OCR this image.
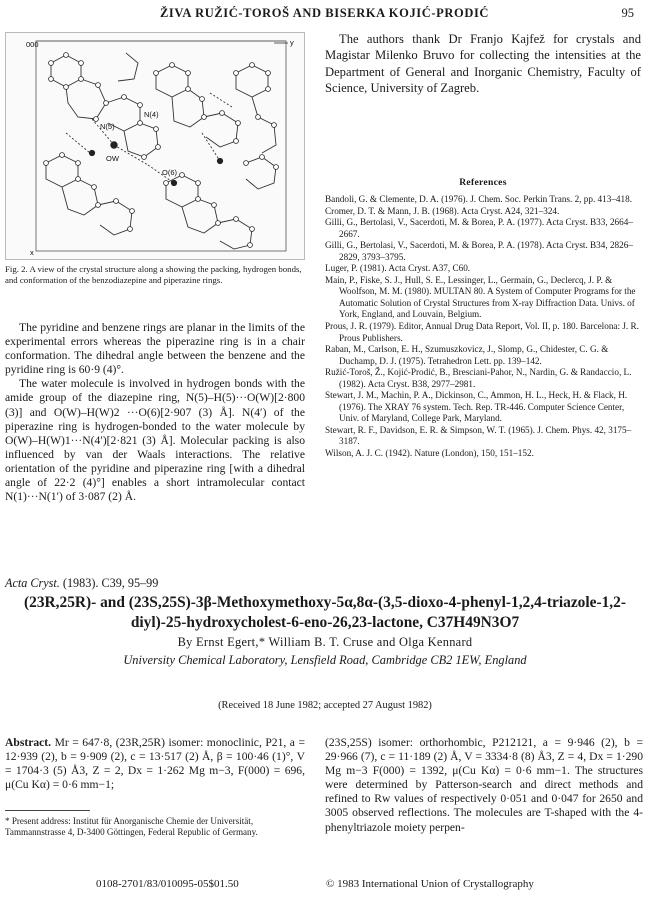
ŽIVA RUŽIĆ-TOROŠ AND BISERKA KOJIĆ-PRODIĆ	95
000
N(5)
N(4)
OW
O(6)
x
y
Fig. 2. A view of the crystal structure along a showing the packing, hydrogen bonds, and conformation of the benzodiazepine and piperazine rings.

The pyridine and benzene rings are planar in the limits of the experimental errors whereas the piperazine ring is in a chair conformation. The dihedral angle between the benzene and the pyridine ring is 60·9 (4)°.

The water molecule is involved in hydrogen bonds with the amide group of the diazepine ring, N(5)–H(5)···O(W)[2·800 (3)] and O(W)–H(W)2 ···O(6)[2·907 (3) Å]. N(4′) of the piperazine ring is hydrogen-bonded to the water molecule by O(W)–H(W)1···N(4′)[2·821 (3) Å]. Molecular packing is also influenced by van der Waals interactions. The relative orientation of the pyridine and piperazine ring [with a dihedral angle of 22·2 (4)°] enables a short intramolecular contact N(1)···N(1′) of 3·087 (2) Å.

The authors thank Dr Franjo Kajfež for crystals and Magistar Milenko Bruvo for collecting the intensities at the Department of General and Inorganic Chemistry, Faculty of Science, University of Zagreb.
References

Bandoli, G. & Clemente, D. A. (1976). J. Chem. Soc. Perkin Trans. 2, pp. 413–418.

Cromer, D. T. & Mann, J. B. (1968). Acta Cryst. A24, 321–324.

Gilli, G., Bertolasi, V., Sacerdoti, M. & Borea, P. A. (1977). Acta Cryst. B33, 2664–2667.

Gilli, G., Bertolasi, V., Sacerdoti, M. & Borea, P. A. (1978). Acta Cryst. B34, 2826–2829, 3793–3795.

Luger, P. (1981). Acta Cryst. A37, C60.

Main, P., Fiske, S. J., Hull, S. E., Lessinger, L., Germain, G., Declercq, J. P. & Woolfson, M. M. (1980). MULTAN 80. A System of Computer Programs for the Automatic Solution of Crystal Structures from X-ray Diffraction Data. Univs. of York, England, and Louvain, Belgium.

Prous, J. R. (1979). Editor, Annual Drug Data Report, Vol. II, p. 180. Barcelona: J. R. Prous Publishers.

Raban, M., Carlson, E. H., Szumuszkovicz, J., Slomp, G., Chidester, C. G. & Duchamp, D. J. (1975). Tetrahedron Lett. pp. 139–142.

Ružić-Toroš, Ž., Kojić-Prodić, B., Bresciani-Pahor, N., Nardin, G. & Randaccio, L. (1982). Acta Cryst. B38, 2977–2981.

Stewart, J. M., Machin, P. A., Dickinson, C., Ammon, H. L., Heck, H. & Flack, H. (1976). The XRAY 76 system. Tech. Rep. TR-446. Computer Science Center, Univ. of Maryland, College Park, Maryland.

Stewart, R. F., Davidson, E. R. & Simpson, W. T. (1965). J. Chem. Phys. 42, 3175–3187.

Wilson, A. J. C. (1942). Nature (London), 150, 151–152.

Acta Cryst. (1983). C39, 95–99
(23R,25R)- and (23S,25S)-3β-Methoxymethoxy-5α,8α-(3,5-dioxo-4-phenyl-1,2,4-triazole-1,2-diyl)-25-hydroxycholest-6-eno-26,23-lactone, C37H49N3O7
By Ernst Egert,* William B. T. Cruse and Olga Kennard
University Chemical Laboratory, Lensfield Road, Cambridge CB2 1EW, England
(Received 18 June 1982; accepted 27 August 1982)
Abstract. Mr = 647·8, (23R,25R) isomer: monoclinic, P21, a = 12·939 (2), b = 9·909 (2), c = 13·517 (2) Å, β = 100·46 (1)°, V = 1704·3 (5) Å3, Z = 2, Dx = 1·262 Mg m−3, F(000) = 696, μ(Cu Kα) = 0·6 mm−1;
(23S,25S) isomer: orthorhombic, P212121, a = 9·946 (2), b = 29·966 (7), c = 11·189 (2) Å, V = 3334·8 (8) Å3, Z = 4, Dx = 1·290 Mg m−3 F(000) = 1392, μ(Cu Kα) = 0·6 mm−1. The structures were determined by Patterson-search and direct methods and refined to Rw values of respectively 0·051 and 0·047 for 2650 and 3005 observed reflections. The molecules are T-shaped with the 4-phenyltriazole moiety perpen-
* Present address: Institut für Anorganische Chemie der Universität, Tammannstrasse 4, D-3400 Göttingen, Federal Republic of Germany.
0108-2701/83/010095-05$01.50	© 1983 International Union of Crystallography
